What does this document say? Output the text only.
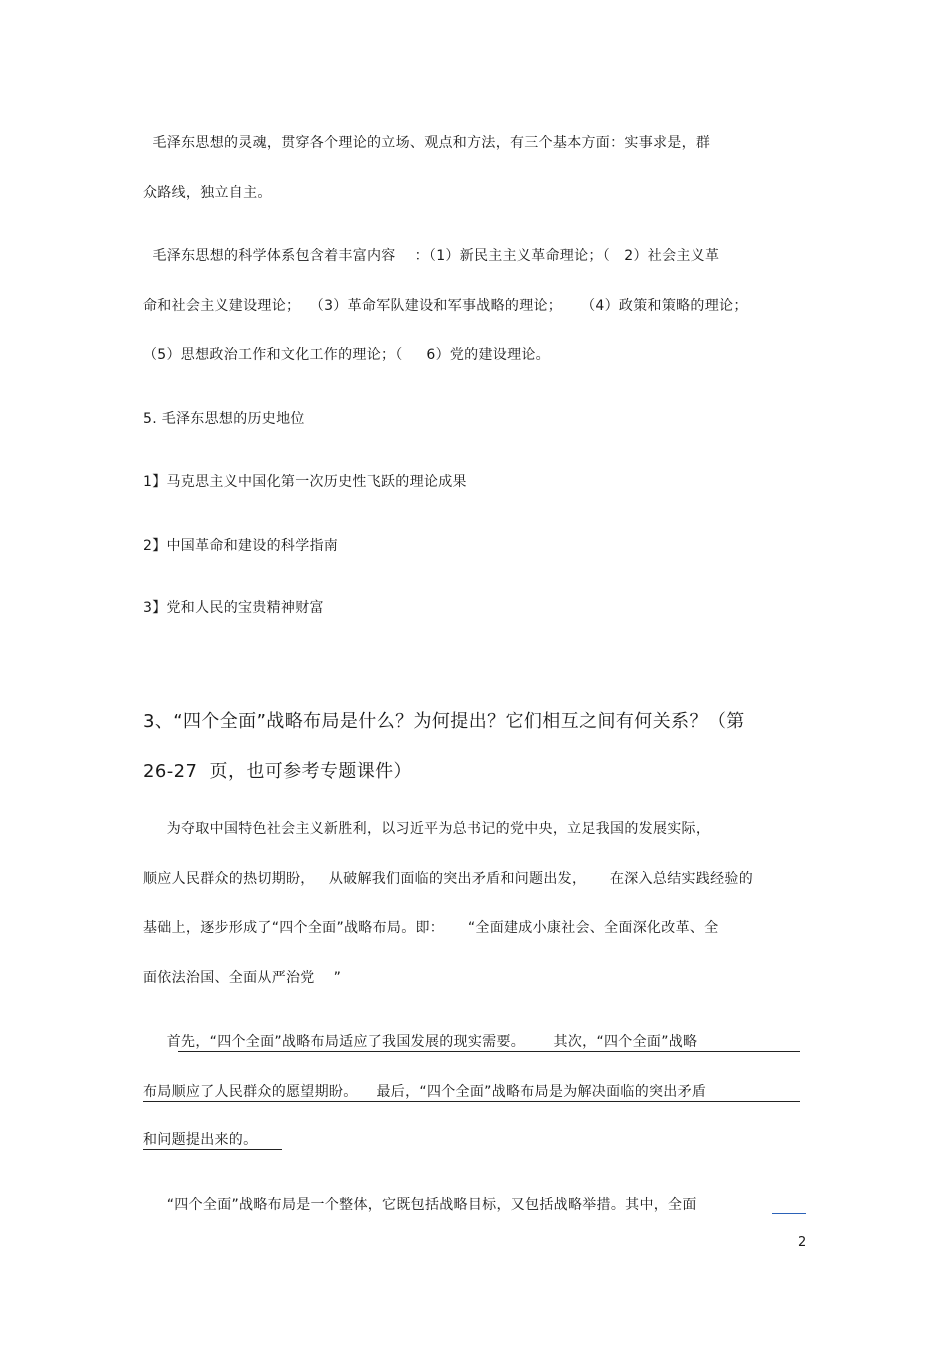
毛泽东思想的灵魂，贯穿各个理论的立场、观点和方法，有三个基本方面：实事求是，群
众路线，独立自主。
毛泽东思想的科学体系包含着丰富内容    ：（1）新民主主义革命理论；（   2）社会主义革
命和社会主义建设理论；  （3）革命军队建设和军事战略的理论；    （4）政策和策略的理论；
（5）思想政治工作和文化工作的理论；（     6）党的建设理论。
5. 毛泽东思想的历史地位
1】马克思主义中国化第一次历史性飞跃的理论成果
2】中国革命和建设的科学指南
3】党和人民的宝贵精神财富
3、“四个全面”战略布局是什么？为何提出？它们相互之间有何关系？（第
26-27  页，也可参考专题课件）
为夺取中国特色社会主义新胜利，以习近平为总书记的党中央，立足我国的发展实际，
顺应人民群众的热切期盼，   从破解我们面临的突出矛盾和问题出发，     在深入总结实践经验的
基础上，逐步形成了“四个全面”战略布局。即：     “全面建成小康社会、全面深化改革、全
面依法治国、全面从严治党    ”
首先，“四个全面”战略布局适应了我国发展的现实需要。      其次，“四个全面”战略
布局顺应了人民群众的愿望期盼。    最后，“四个全面”战略布局是为解决面临的突出矛盾
和问题提出来的。
“四个全面”战略布局是一个整体，它既包括战略目标，又包括战略举措。其中，全面
2
